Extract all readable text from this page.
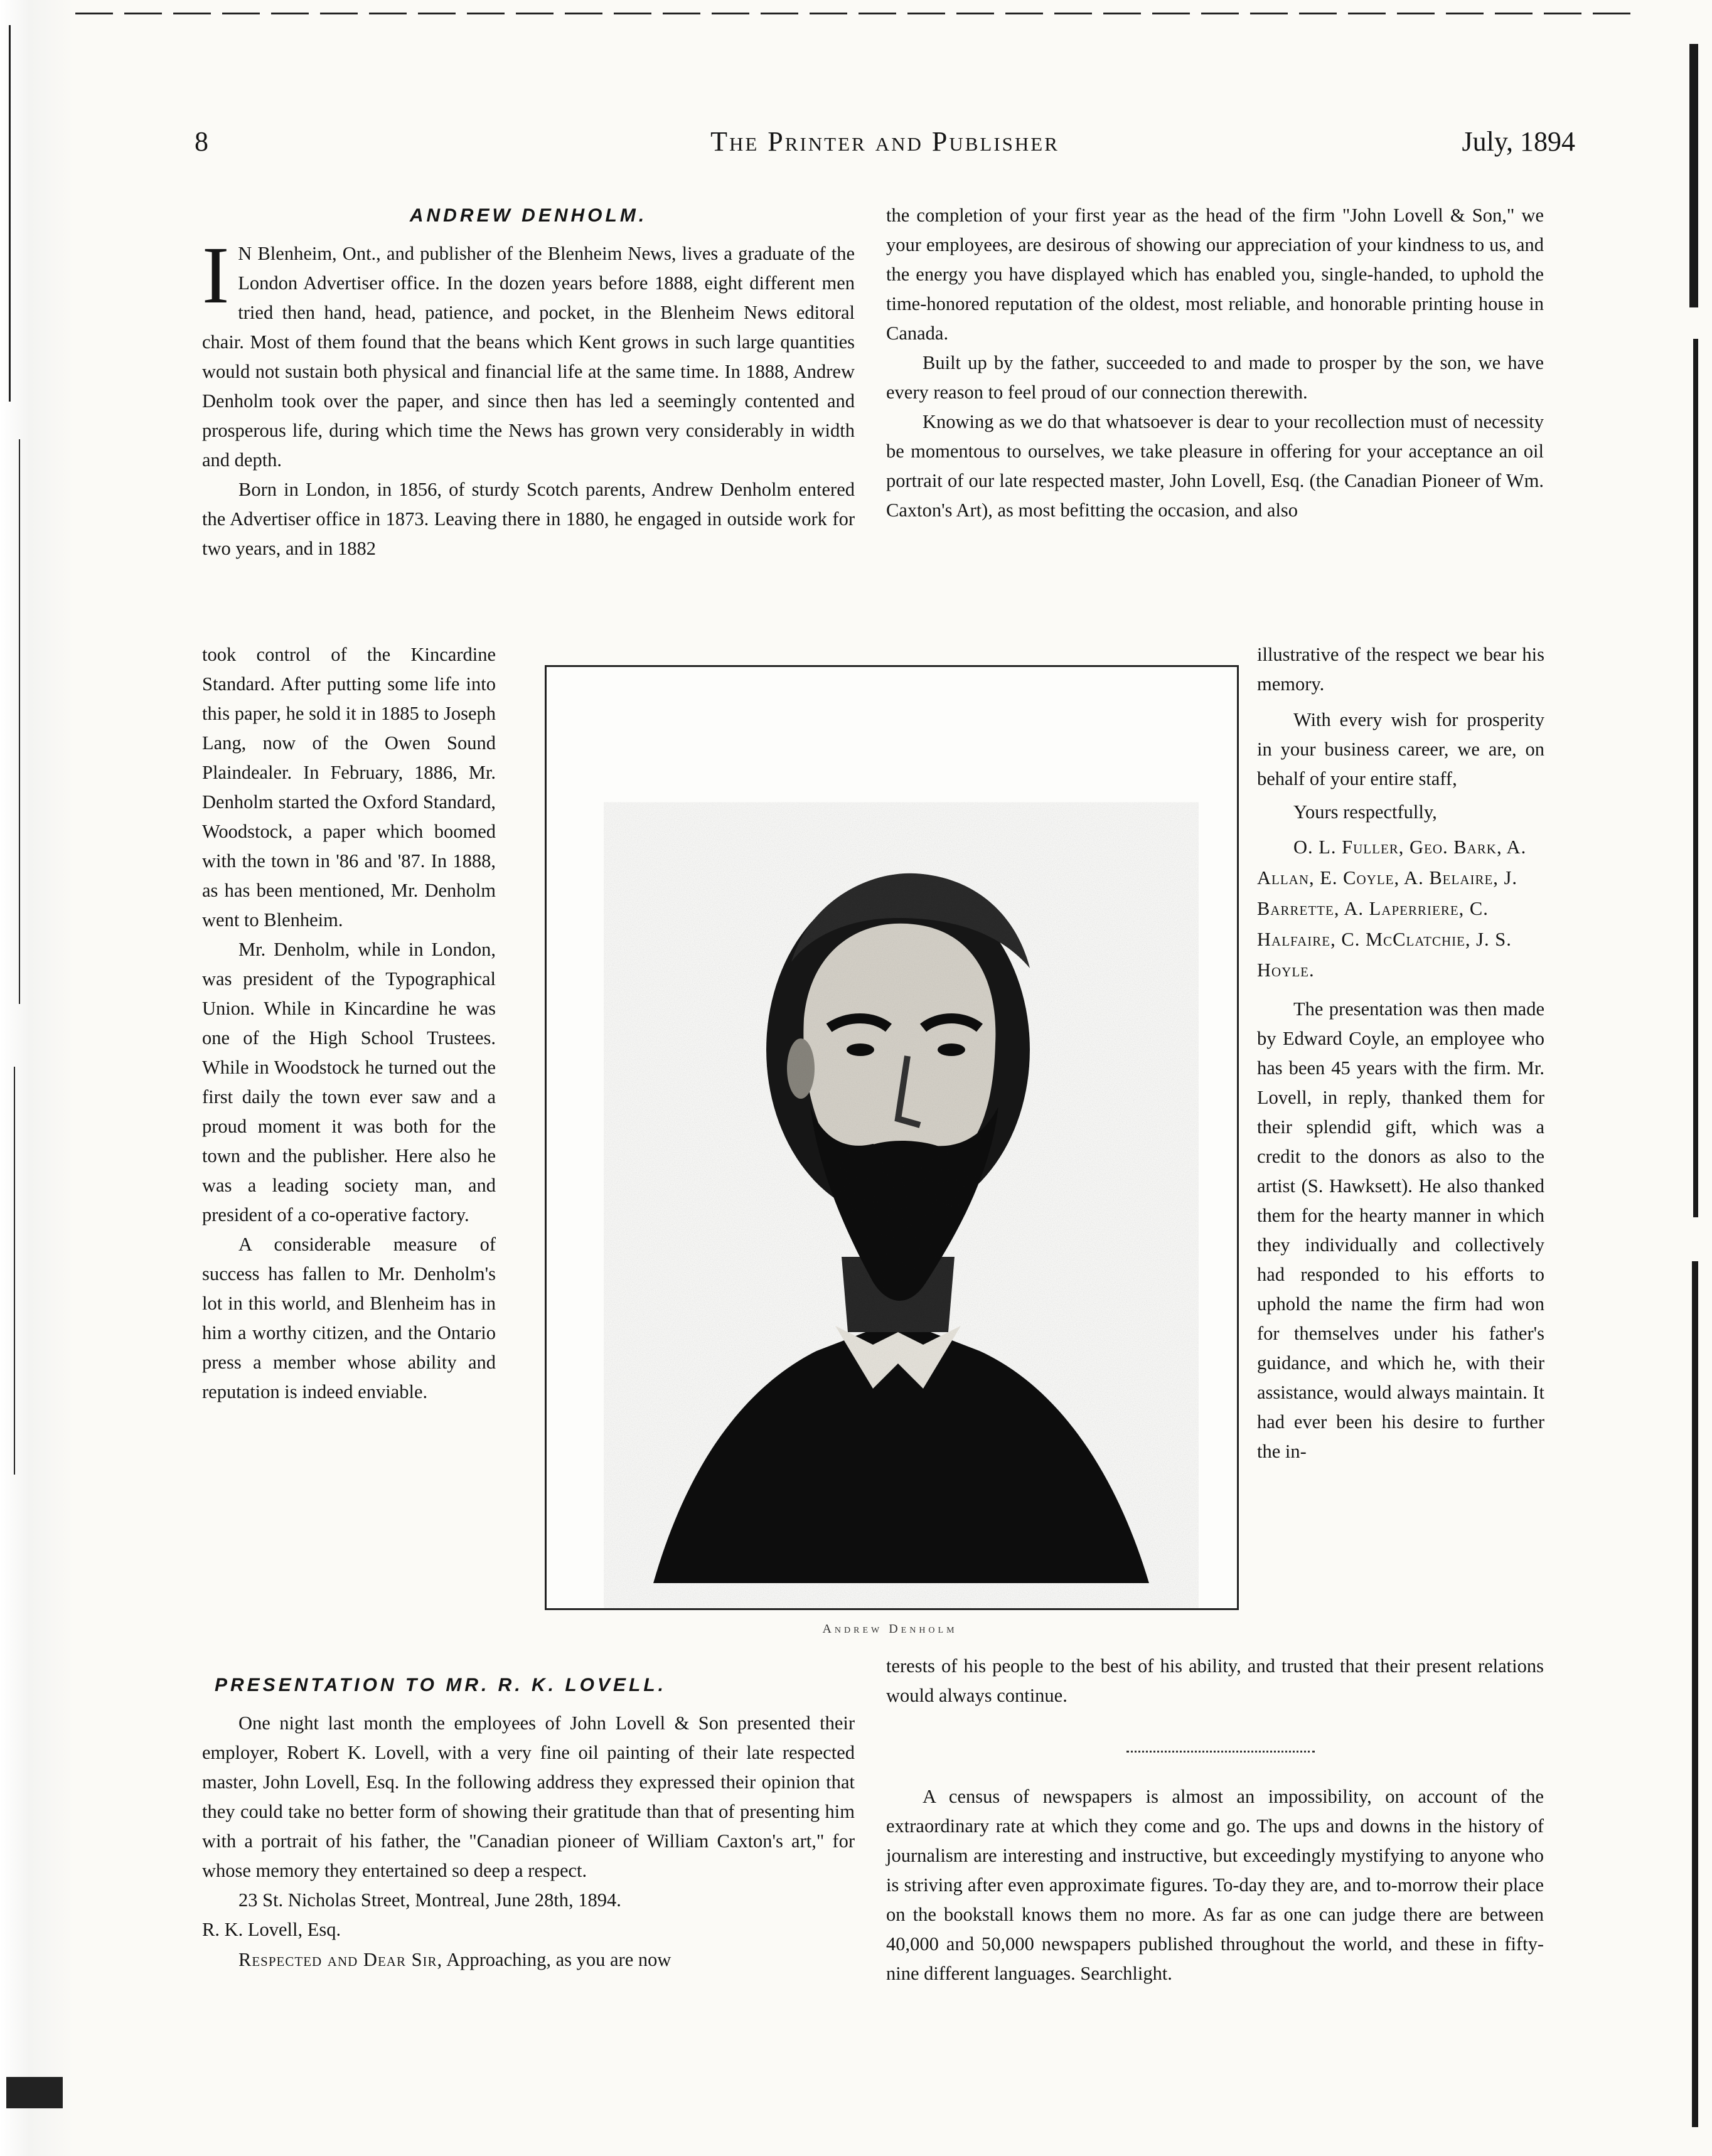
8	The Printer and Publisher	July, 1894
ANDREW DENHOLM.

I N Blenheim, Ont., and publisher of the Blenheim News, lives a graduate of the London Advertiser office. In the dozen years before 1888, eight different men tried then hand, head, patience, and pocket, in the Blenheim News editoral chair. Most of them found that the beans which Kent grows in such large quantities would not sustain both physical and financial life at the same time. In 1888, Andrew Denholm took over the paper, and since then has led a seemingly contented and prosperous life, during which time the News has grown very considerably in width and depth.

Born in London, in 1856, of sturdy Scotch parents, Andrew Denholm entered the Advertiser office in 1873. Leaving there in 1880, he engaged in outside work for two years, and in 1882

took control of the Kincardine Standard. After putting some life into this paper, he sold it in 1885 to Joseph Lang, now of the Owen Sound Plaindealer. In February, 1886, Mr. Denholm started the Oxford Standard, Woodstock, a paper which boomed with the town in '86 and '87. In 1888, as has been mentioned, Mr. Denholm went to Blenheim.

Mr. Denholm, while in London, was president of the Typographical Union. While in Kincardine he was one of the High School Trustees. While in Woodstock he turned out the first daily the town ever saw and a proud moment it was both for the town and the publisher. Here also he was a leading society man, and president of a co-operative factory.

A considerable measure of success has fallen to Mr. Denholm's lot in this world, and Blenheim has in him a worthy citizen, and the Ontario press a member whose ability and reputation is indeed enviable.

Andrew Denholm
PRESENTATION TO MR. R. K. LOVELL.

One night last month the employees of John Lovell & Son presented their employer, Robert K. Lovell, with a very fine oil painting of their late respected master, John Lovell, Esq. In the following address they expressed their opinion that they could take no better form of showing their gratitude than that of presenting him with a portrait of his father, the "Canadian pioneer of William Caxton's art," for whose memory they entertained so deep a respect.

23 St. Nicholas Street, Montreal, June 28th, 1894.

R. K. Lovell, Esq.

Respected and Dear Sir, Approaching, as you are now

the completion of your first year as the head of the firm "John Lovell & Son," we your employees, are desirous of showing our appreciation of your kindness to us, and the energy you have displayed which has enabled you, single-handed, to uphold the time-honored reputation of the oldest, most reliable, and honorable printing house in Canada.

Built up by the father, succeeded to and made to prosper by the son, we have every reason to feel proud of our connection therewith.

Knowing as we do that whatsoever is dear to your recollection must of necessity be momentous to ourselves, we take pleasure in offering for your acceptance an oil portrait of our late respected master, John Lovell, Esq. (the Canadian Pioneer of Wm. Caxton's Art), as most befitting the occasion, and also

illustrative of the respect we bear his memory.

With every wish for prosperity in your business career, we are, on behalf of your entire staff,

Yours respectfully,

O. L. Fuller, Geo. Bark, A. Allan, E. Coyle, A. Belaire, J. Barrette, A. Laperriere, C. Halfaire, C. McClatchie, J. S. Hoyle.

The presentation was then made by Edward Coyle, an employee who has been 45 years with the firm. Mr. Lovell, in reply, thanked them for their splendid gift, which was a credit to the donors as also to the artist (S. Hawksett). He also thanked them for the hearty manner in which they individually and collectively had responded to his efforts to uphold the name the firm had won for themselves under his father's guidance, and which he, with their assistance, would always maintain. It had ever been his desire to further the in-

terests of his people to the best of his ability, and trusted that their present relations would always continue.

A census of newspapers is almost an impossibility, on account of the extraordinary rate at which they come and go. The ups and downs in the history of journalism are interesting and instructive, but exceedingly mystifying to anyone who is striving after even approximate figures. To-day they are, and to-morrow their place on the bookstall knows them no more. As far as one can judge there are between 40,000 and 50,000 newspapers published throughout the world, and these in fifty-nine different languages. Searchlight.
